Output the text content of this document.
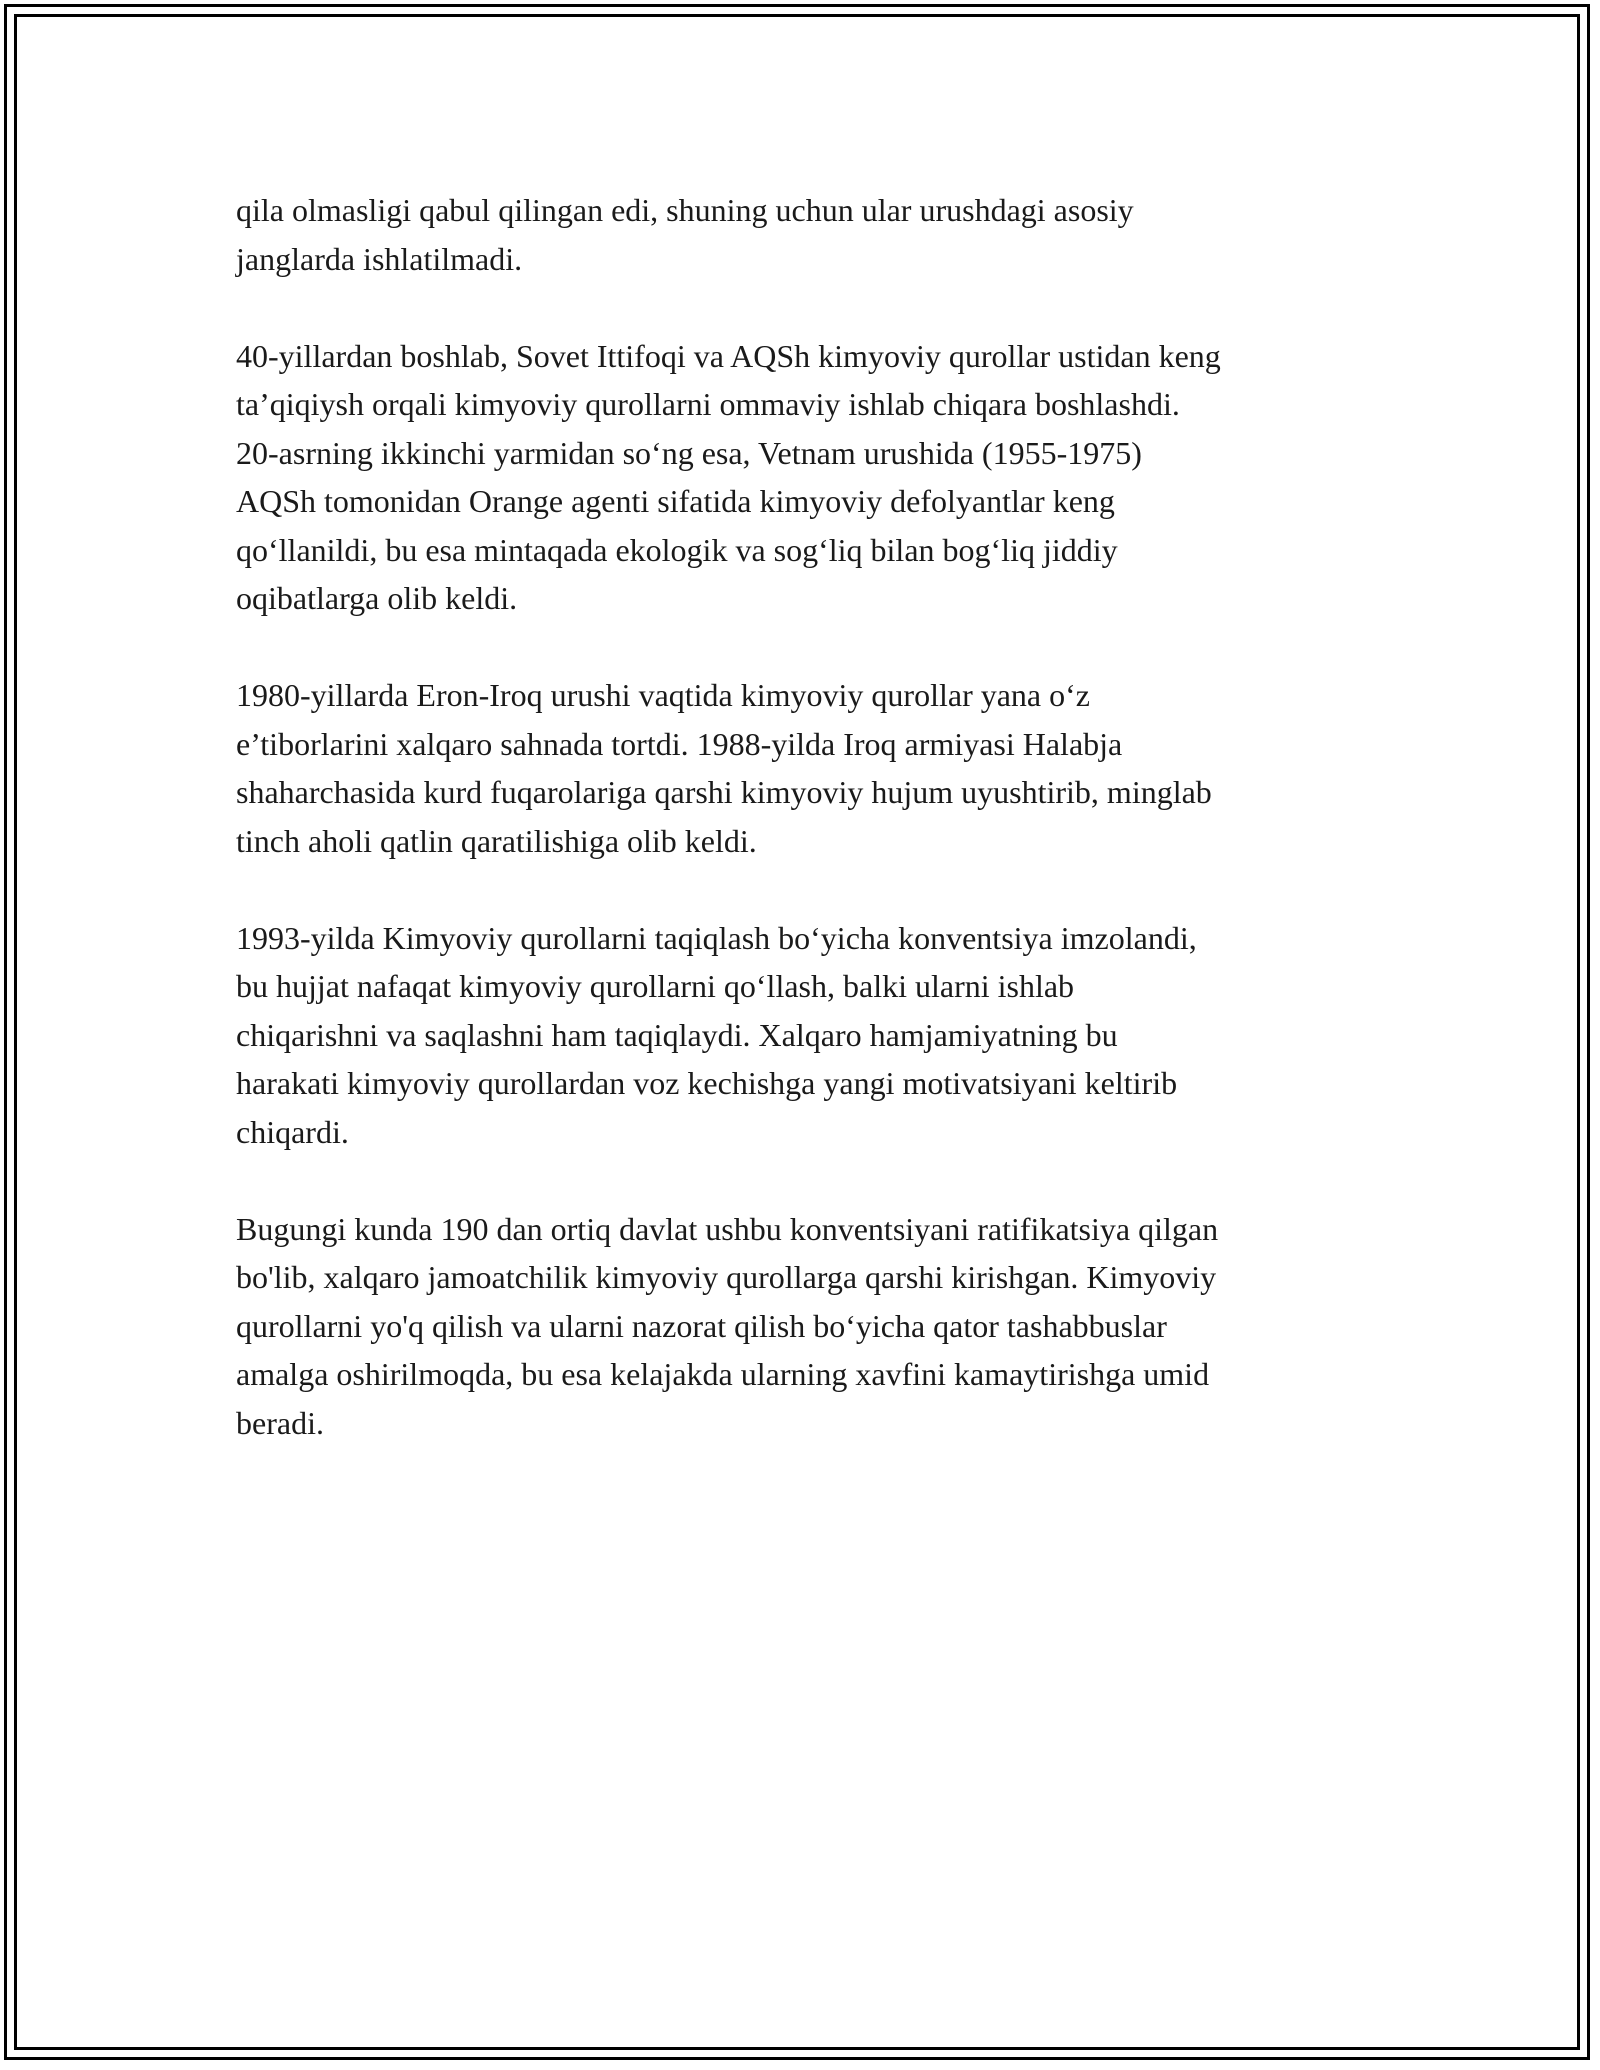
qila olmasligi qabul qilingan edi, shuning uchun ular urushdagi asosiy
janglarda ishlatilmadi.

40-yillardan boshlab, Sovet Ittifoqi va AQSh kimyoviy qurollar ustidan keng
ta’qiqiysh orqali kimyoviy qurollarni ommaviy ishlab chiqara boshlashdi.
20-asrning ikkinchi yarmidan so‘ng esa, Vetnam urushida (1955-1975)
AQSh tomonidan Orange agenti sifatida kimyoviy defolyantlar keng
qo‘llanildi, bu esa mintaqada ekologik va sog‘liq bilan bog‘liq jiddiy
oqibatlarga olib keldi.

1980-yillarda Eron-Iroq urushi vaqtida kimyoviy qurollar yana o‘z
e’tiborlarini xalqaro sahnada tortdi. 1988-yilda Iroq armiyasi Halabja
shaharchasida kurd fuqarolariga qarshi kimyoviy hujum uyushtirib, minglab
tinch aholi qatlin qaratilishiga olib keldi.

1993-yilda Kimyoviy qurollarni taqiqlash bo‘yicha konventsiya imzolandi,
bu hujjat nafaqat kimyoviy qurollarni qo‘llash, balki ularni ishlab
chiqarishni va saqlashni ham taqiqlaydi. Xalqaro hamjamiyatning bu
harakati kimyoviy qurollardan voz kechishga yangi motivatsiyani keltirib
chiqardi.

Bugungi kunda 190 dan ortiq davlat ushbu konventsiyani ratifikatsiya qilgan
bo'lib, xalqaro jamoatchilik kimyoviy qurollarga qarshi kirishgan. Kimyoviy
qurollarni yo'q qilish va ularni nazorat qilish bo‘yicha qator tashabbuslar
amalga oshirilmoqda, bu esa kelajakda ularning xavfini kamaytirishga umid
beradi.
